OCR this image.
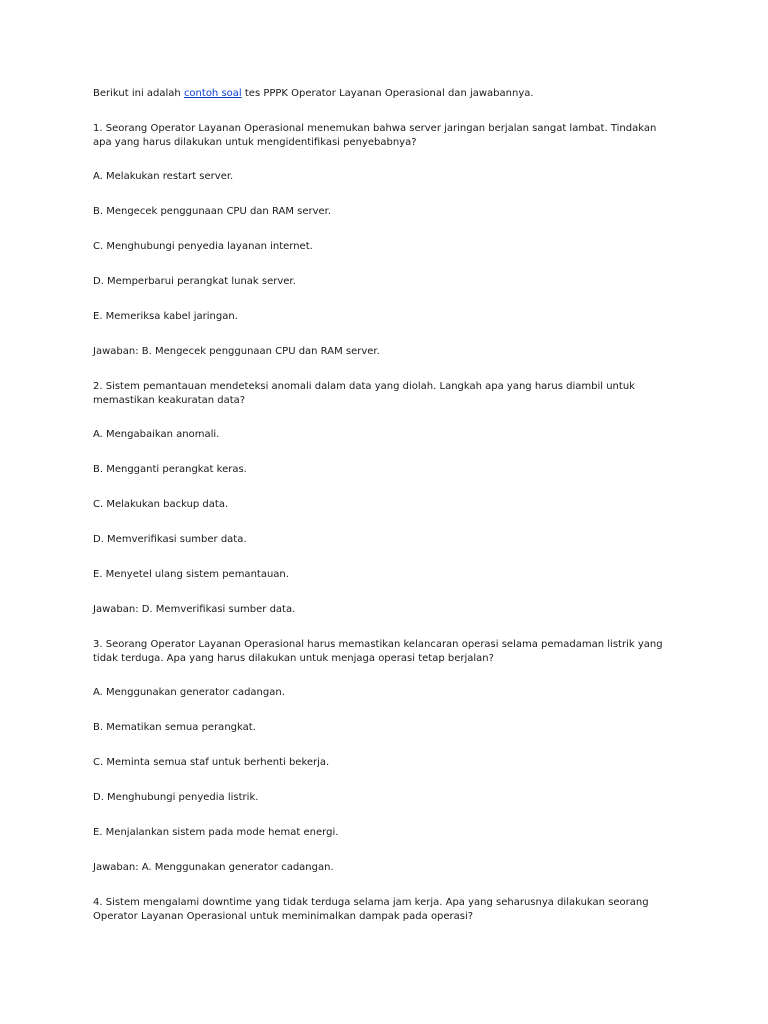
Berikut ini adalah contoh soal tes PPPK Operator Layanan Operasional dan jawabannya.

1. Seorang Operator Layanan Operasional menemukan bahwa server jaringan berjalan sangat lambat. Tindakan apa yang harus dilakukan untuk mengidentifikasi penyebabnya?

A. Melakukan restart server.

B. Mengecek penggunaan CPU dan RAM server.

C. Menghubungi penyedia layanan internet.

D. Memperbarui perangkat lunak server.

E. Memeriksa kabel jaringan.

Jawaban: B. Mengecek penggunaan CPU dan RAM server.

2. Sistem pemantauan mendeteksi anomali dalam data yang diolah. Langkah apa yang harus diambil untuk memastikan keakuratan data?

A. Mengabaikan anomali.

B. Mengganti perangkat keras.

C. Melakukan backup data.

D. Memverifikasi sumber data.

E. Menyetel ulang sistem pemantauan.

Jawaban: D. Memverifikasi sumber data.

3. Seorang Operator Layanan Operasional harus memastikan kelancaran operasi selama pemadaman listrik yang tidak terduga. Apa yang harus dilakukan untuk menjaga operasi tetap berjalan?

A. Menggunakan generator cadangan.

B. Mematikan semua perangkat.

C. Meminta semua staf untuk berhenti bekerja.

D. Menghubungi penyedia listrik.

E. Menjalankan sistem pada mode hemat energi.

Jawaban: A. Menggunakan generator cadangan.

4. Sistem mengalami downtime yang tidak terduga selama jam kerja. Apa yang seharusnya dilakukan seorang Operator Layanan Operasional untuk meminimalkan dampak pada operasi?
